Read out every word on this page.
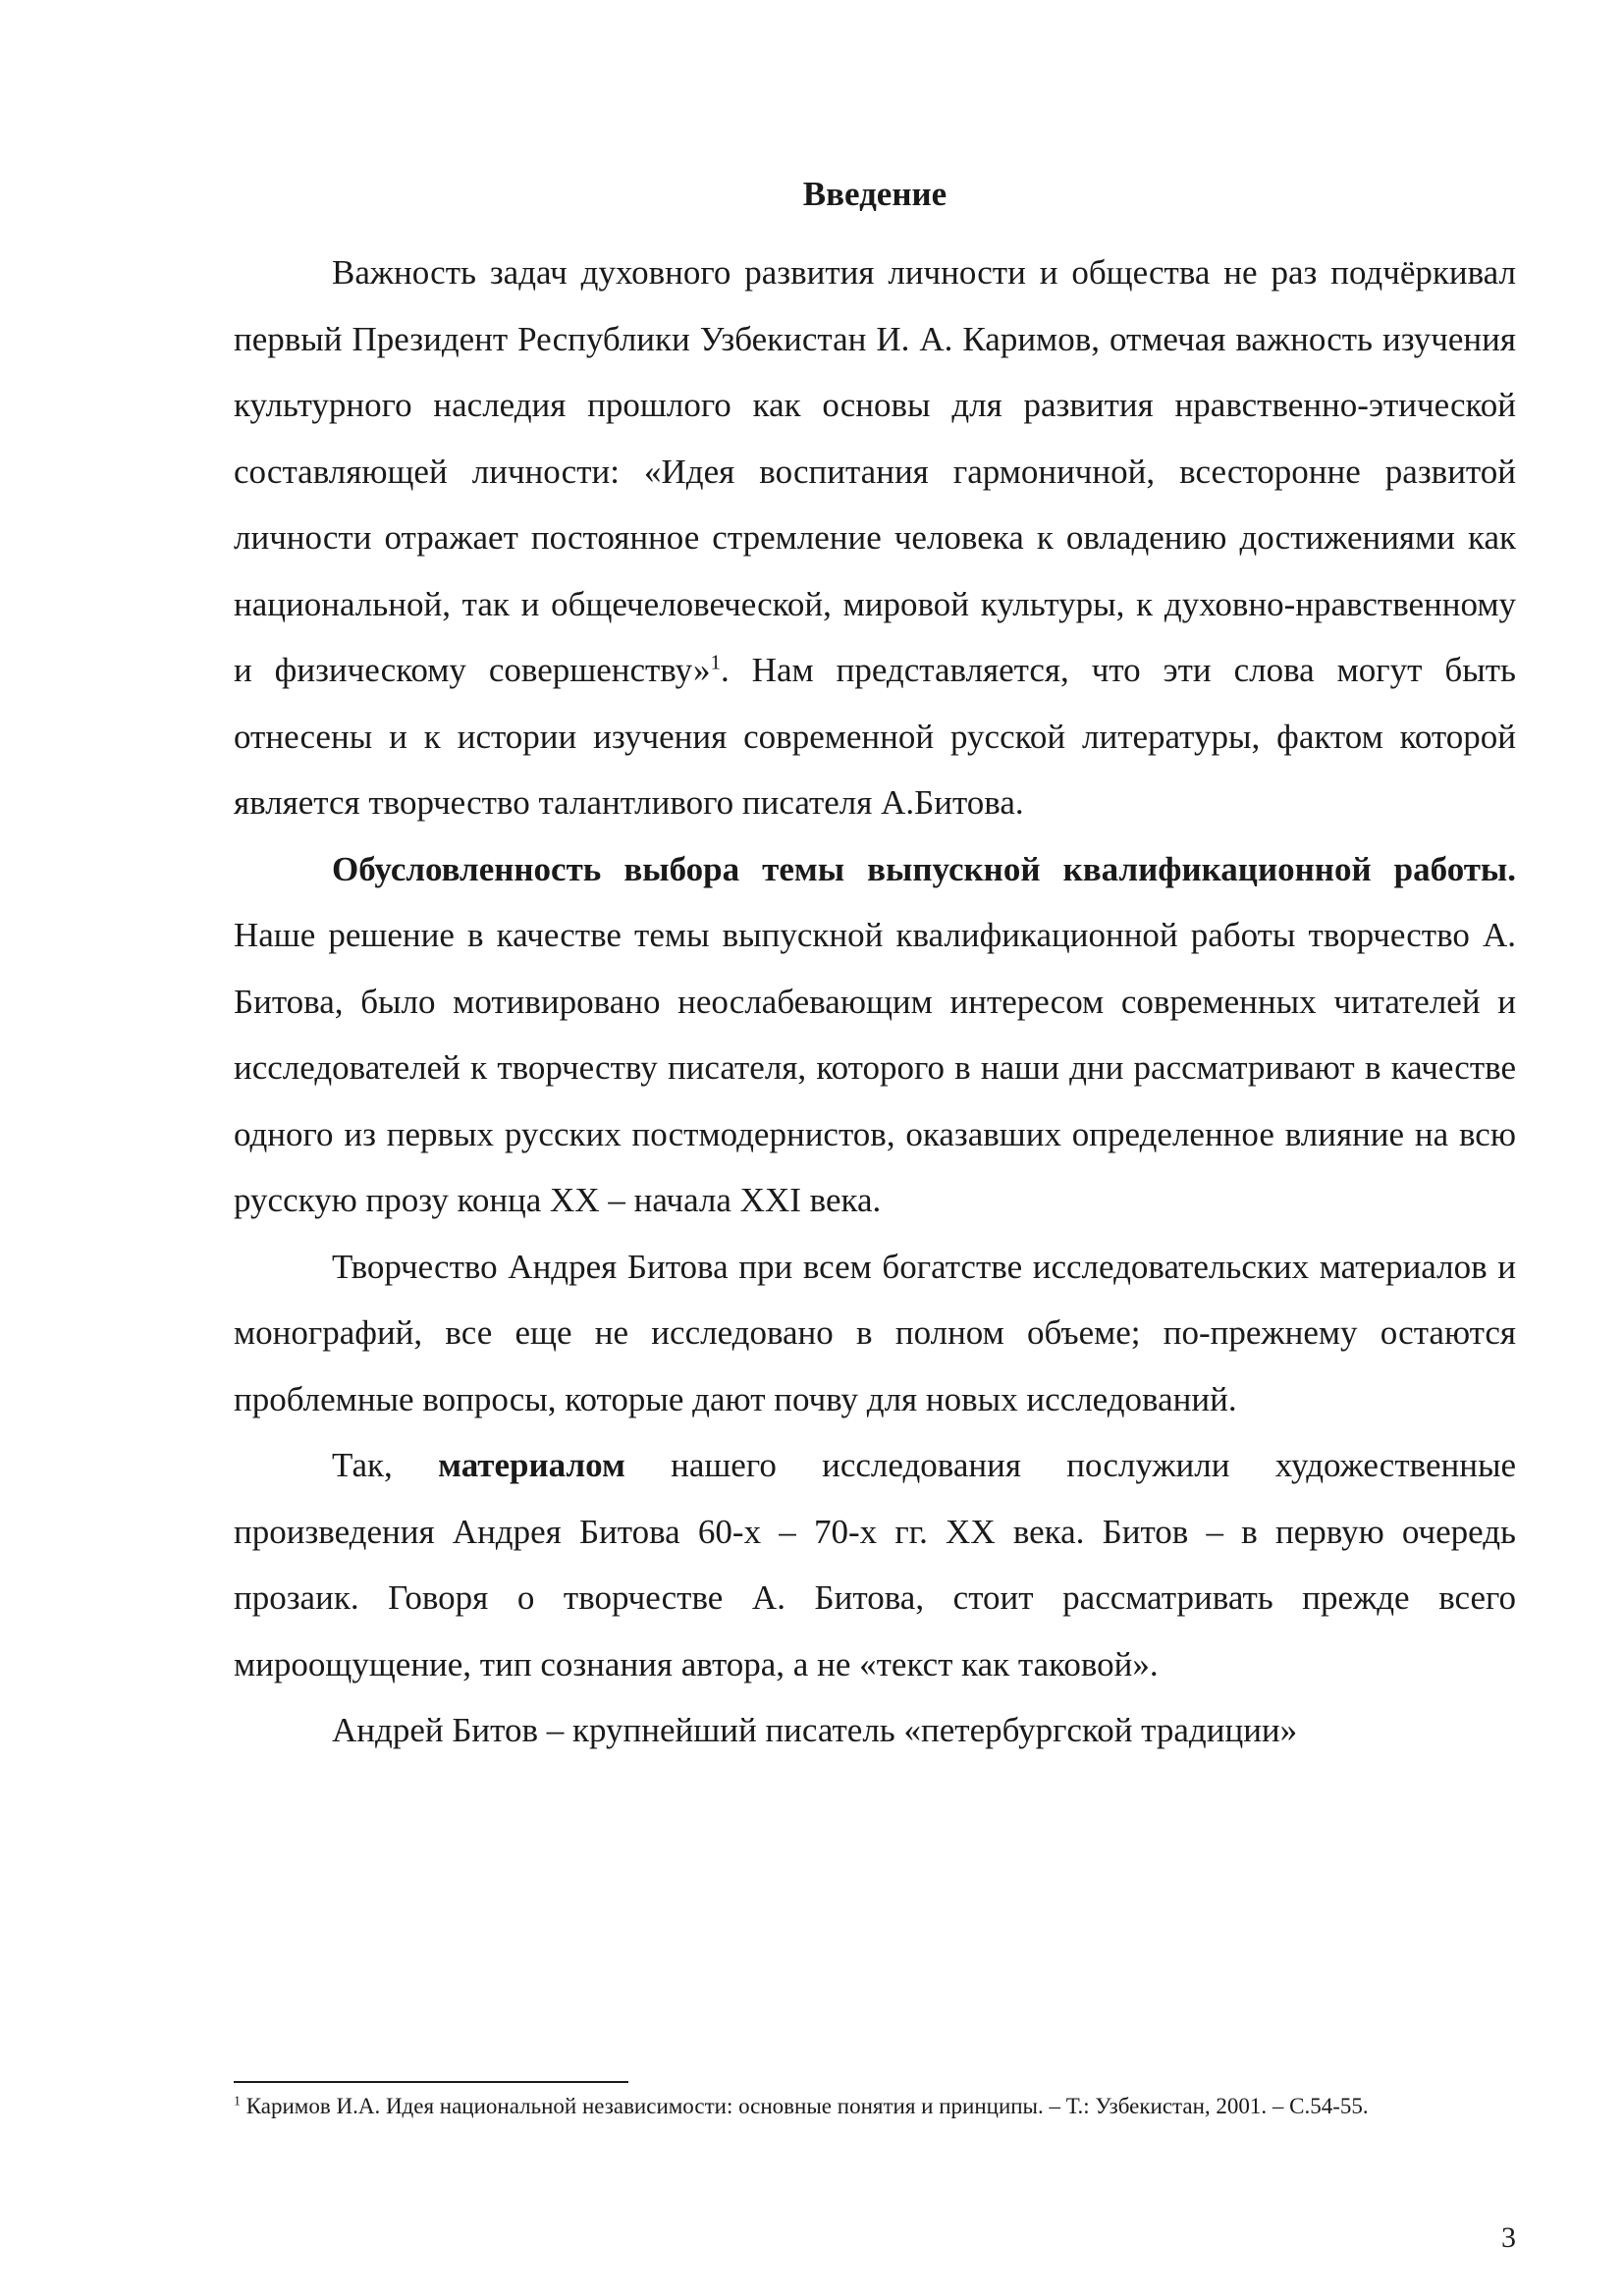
Введение

Важность задач духовного развития личности и общества не раз подчёркивал первый Президент Республики Узбекистан И. А. Каримов, отмечая важность изучения культурного наследия прошлого как основы для развития нравственно-этической составляющей личности: «Идея воспитания гармоничной, всесторонне развитой личности отражает постоянное стремление человека к овладению достижениями как национальной, так и общечеловеческой, мировой культуры, к духовно-нравственному и физическому совершенству»$^1$. Нам представляется, что эти слова могут быть отнесены и к истории изучения современной русской литературы, фактом которой является творчество талантливого писателя А.Битова.

Обусловленность выбора темы выпускной квалификационной работы. Наше решение в качестве темы выпускной квалификационной работы творчество А. Битова, было мотивировано неослабевающим интересом современных читателей и исследователей к творчеству писателя, которого в наши дни рассматривают в качестве одного из первых русских постмодернистов, оказавших определенное влияние на всю русскую прозу конца XX – начала XXI века.

Творчество Андрея Битова при всем богатстве исследовательских материалов и монографий, все еще не исследовано в полном объеме; по-прежнему остаются проблемные вопросы, которые дают почву для новых исследований.

Так, материалом нашего исследования послужили художественные произведения Андрея Битова 60-х – 70-х гг. XX века. Битов – в первую очередь прозаик. Говоря о творчестве А. Битова, стоит рассматривать прежде всего мироощущение, тип сознания автора, а не «текст как таковой».

Андрей Битов – крупнейший писатель «петербургской традиции»

$^1$ Каримов И.А. Идея национальной независимости: основные понятия и принципы. – Т.: Узбекистан, 2001. – С.54-55.

3
